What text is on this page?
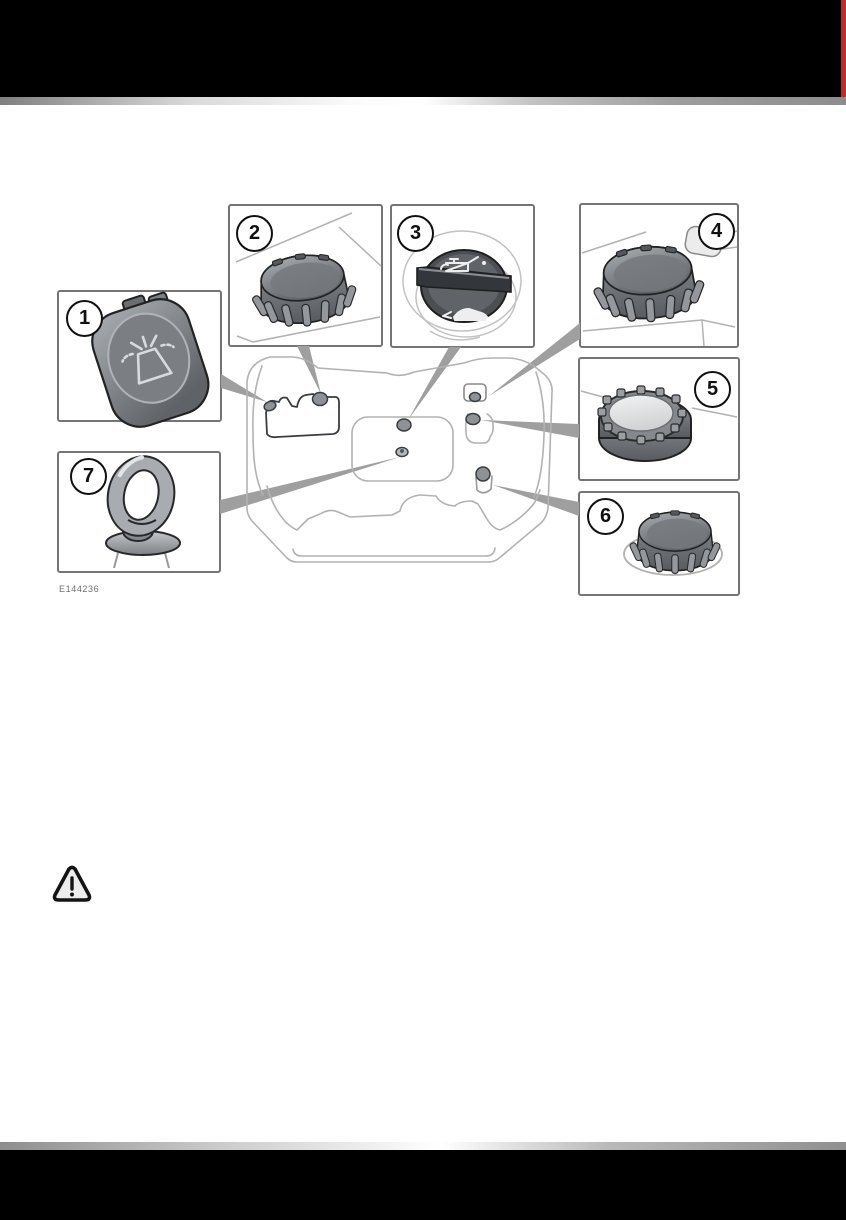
1
2	3	4
5
6
7
E144236
